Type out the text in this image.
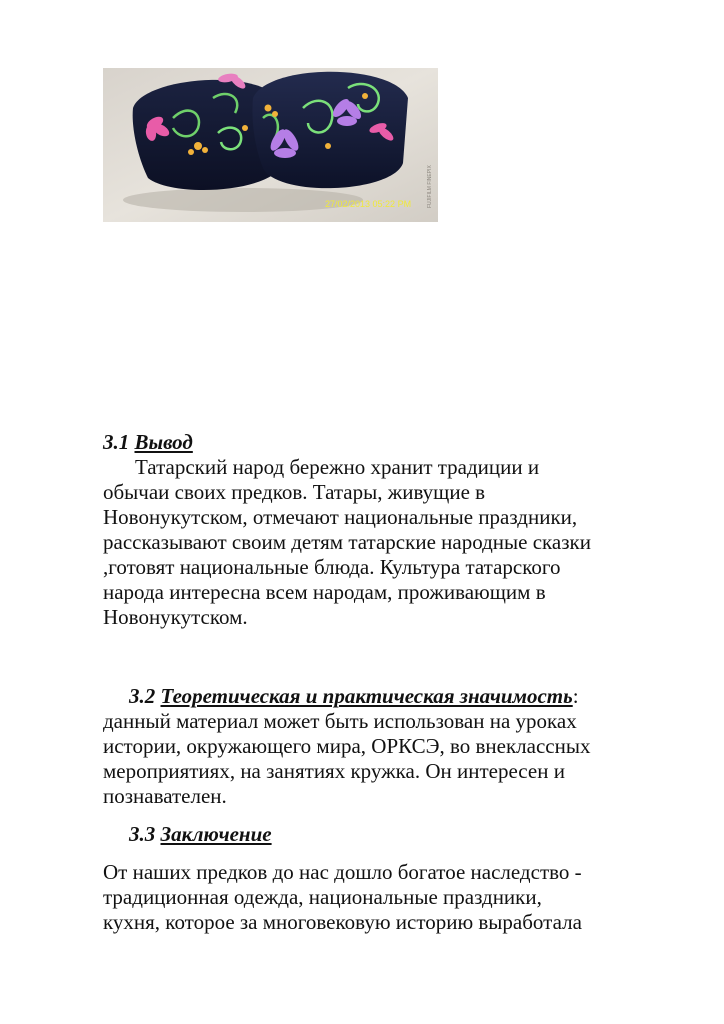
27/02/2013 05:22 PM	FUJIFILM FINEPIX
3.1 Вывод
Татарский народ бережно хранит традиции и
обычаи своих предков. Татары, живущие в
Новонукутском, отмечают национальные праздники,
рассказывают своим детям татарские народные сказки
,готовят национальные блюда. Культура татарского
народа интересна всем народам, проживающим в
Новонукутском.
3.2 Теоретическая и практическая значимость:
данный материал может быть использован на уроках
истории, окружающего мира, ОРКСЭ, во внеклассных
мероприятиях, на занятиях кружка. Он интересен и
познавателен.
3.3 Заключение
От наших предков до нас дошло богатое наследство -
традиционная одежда, национальные праздники,
кухня, которое за многовековую историю выработала
